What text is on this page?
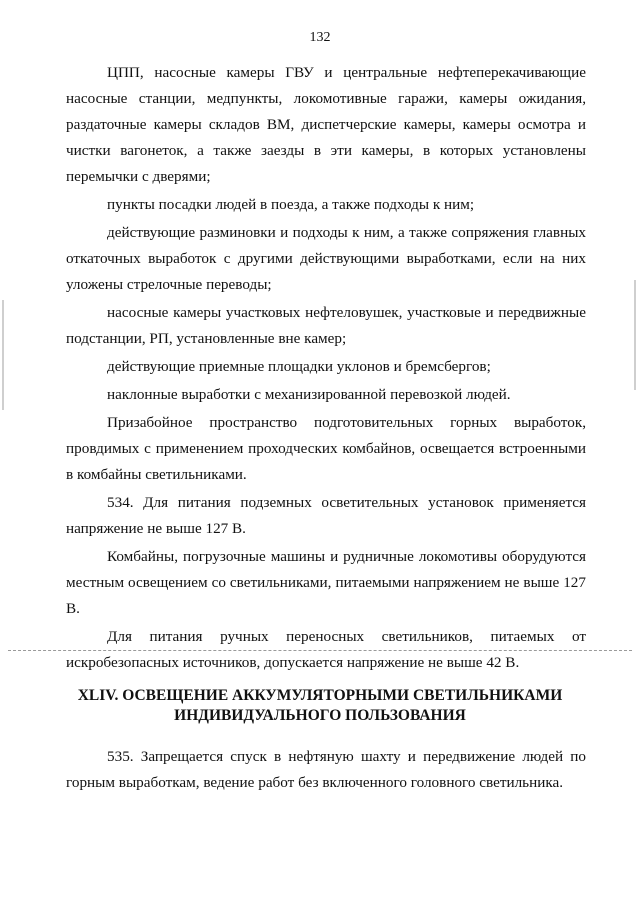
132

ЦПП, насосные камеры ГВУ и центральные нефтеперекачивающие насосные станции, медпункты, локомотивные гаражи, камеры ожидания, раздаточные камеры складов ВМ, диспетчерские камеры, камеры осмотра и чистки вагонеток, а также заезды в эти камеры, в которых установлены перемычки с дверями;

пункты посадки людей в поезда, а также подходы к ним;

действующие разминовки и подходы к ним, а также сопряжения главных откаточных выработок с другими действующими выработками, если на них уложены стрелочные переводы;

насосные камеры участковых нефтеловушек, участковые и передвижные подстанции, РП, установленные вне камер;

действующие приемные площадки уклонов и бремсбергов;

наклонные выработки с механизированной перевозкой людей.

Призабойное пространство подготовительных горных выработок, провдимых с применением проходческих комбайнов, освещается встроенными в комбайны светильниками.

534. Для питания подземных осветительных установок применяется напряжение не выше 127 В.

Комбайны, погрузочные машины и рудничные локомотивы оборудуются местным освещением со светильниками, питаемыми напряжением не выше 127 В.

Для питания ручных переносных светильников, питаемых от искробезопасных источников, допускается напряжение не выше 42 В.

XLIV. ОСВЕЩЕНИЕ АККУМУЛЯТОРНЫМИ СВЕТИЛЬНИКАМИ
ИНДИВИДУАЛЬНОГО ПОЛЬЗОВАНИЯ

535. Запрещается спуск в нефтяную шахту и передвижение людей по горным выработкам, ведение работ без включенного головного светильника.
